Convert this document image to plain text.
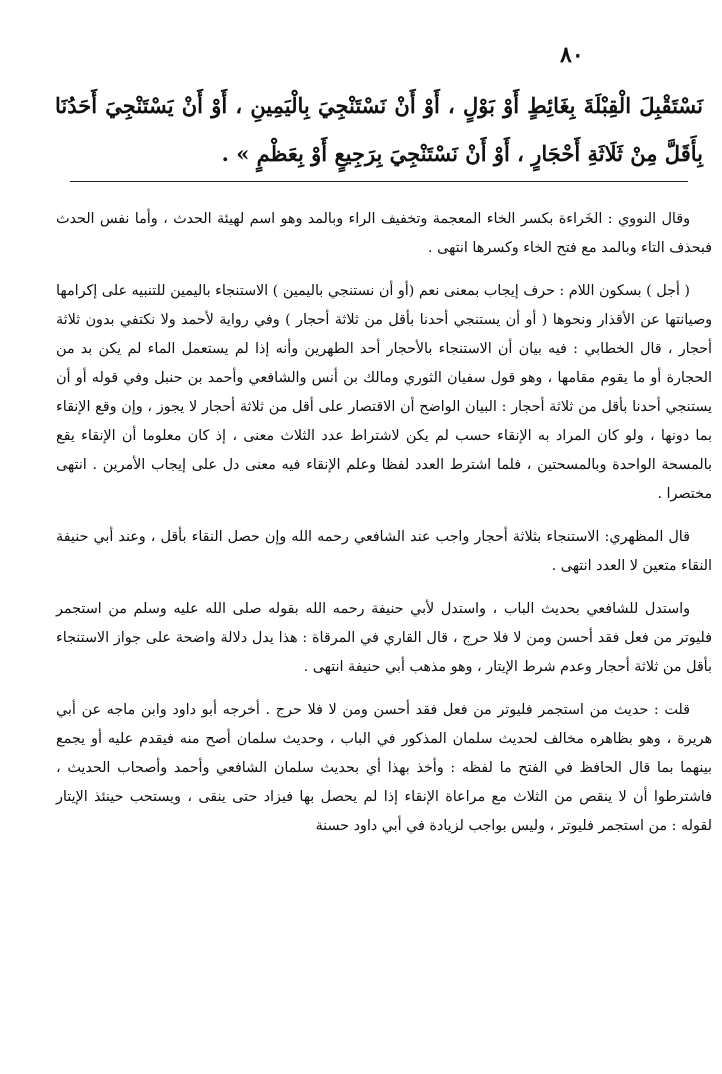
٨٠
نَسْتَقْبِلَ الْقِبْلَةَ بِغَائِطٍ أَوْ بَوْلٍ ، أَوْ أَنْ نَسْتَنْجِيَ بِالْيَمِينِ ، أَوْ أَنْ يَسْتَنْجِيَ أَحَدُنَا بِأَقَلَّ مِنْ ثَلَاثَةِ أَحْجَارٍ ، أَوْ أَنْ نَسْتَنْجِيَ بِرَجِيعٍ أَوْ بِعَظْمٍ » .

وقال النووي : الخَراءة بكسر الخاء المعجمة وتخفيف الراء وبالمد وهو اسم لهيئة الحدث ، وأما نفس الحدث فبحذف التاء وبالمد مع فتح الخاء وكسرها انتهى .

( أجل ) بسكون اللام : حرف إيجاب بمعنى نعم (أو أن نستنجي باليمين ) الاستنجاء باليمين للتنبيه على إكرامها وصيانتها عن الأقذار ونحوها ( أو أن يستنجي أحدنا بأقل من ثلاثة أحجار ) وفي رواية لأحمد ولا نكتفي بدون ثلاثة أحجار ، قال الخطابي : فيه بيان أن الاستنجاء بالأحجار أحد الطهرين وأنه إذا لم يستعمل الماء لم يكن بد من الحجارة أو ما يقوم مقامها ، وهو قول سفيان الثوري ومالك بن أنس والشافعي وأحمد بن حنبل وفي قوله أو أن يستنجي أحدنا بأقل من ثلاثة أحجار : البيان الواضح أن الاقتصار على أقل من ثلاثة أحجار لا يجوز ، وإن وقع الإنقاء بما دونها ، ولو كان المراد به الإنقاء حسب لم يكن لاشتراط عدد الثلاث معنى ، إذ كان معلوما أن الإنقاء يقع بالمسحة الواحدة وبالمسحتين ، فلما اشترط العدد لفظا وعلم الإنقاء فيه معنى دل على إيجاب الأمرين . انتهى مختصرا .

قال المظهري: الاستنجاء بثلاثة أحجار واجب عند الشافعي رحمه الله وإن حصل النقاء بأقل ، وعند أبي حنيفة النقاء متعين لا العدد انتهى .

واستدل للشافعي بحديث الباب ، واستدل لأبي حنيفة رحمه الله بقوله صلى الله عليه وسلم من استجمر فليوتر من فعل فقد أحسن ومن لا فلا حرج ، قال القاري في المرقاة : هذا يدل دلالة واضحة على جواز الاستنجاء بأقل من ثلاثة أحجار وعدم شرط الإيتار ، وهو مذهب أبي حنيفة انتهى .

قلت : حديث من استجمر فليوتر من فعل فقد أحسن ومن لا فلا حرج . أخرجه أبو داود وابن ماجه عن أبي هريرة ، وهو بظاهره مخالف لحديث سلمان المذكور في الباب ، وحديث سلمان أصح منه فيقدم عليه أو يجمع بينهما بما قال الحافظ في الفتح ما لفظه : وأخذ بهذا أي بحديث سلمان الشافعي وأحمد وأصحاب الحديث ، فاشترطوا أن لا ينقص من الثلاث مع مراعاة الإنقاء إذا لم يحصل بها فيزاد حتى ينقى ، ويستحب حينئذ الإيتار لقوله : من استجمر فليوتر ، وليس بواجب لزيادة في أبي داود حسنة
